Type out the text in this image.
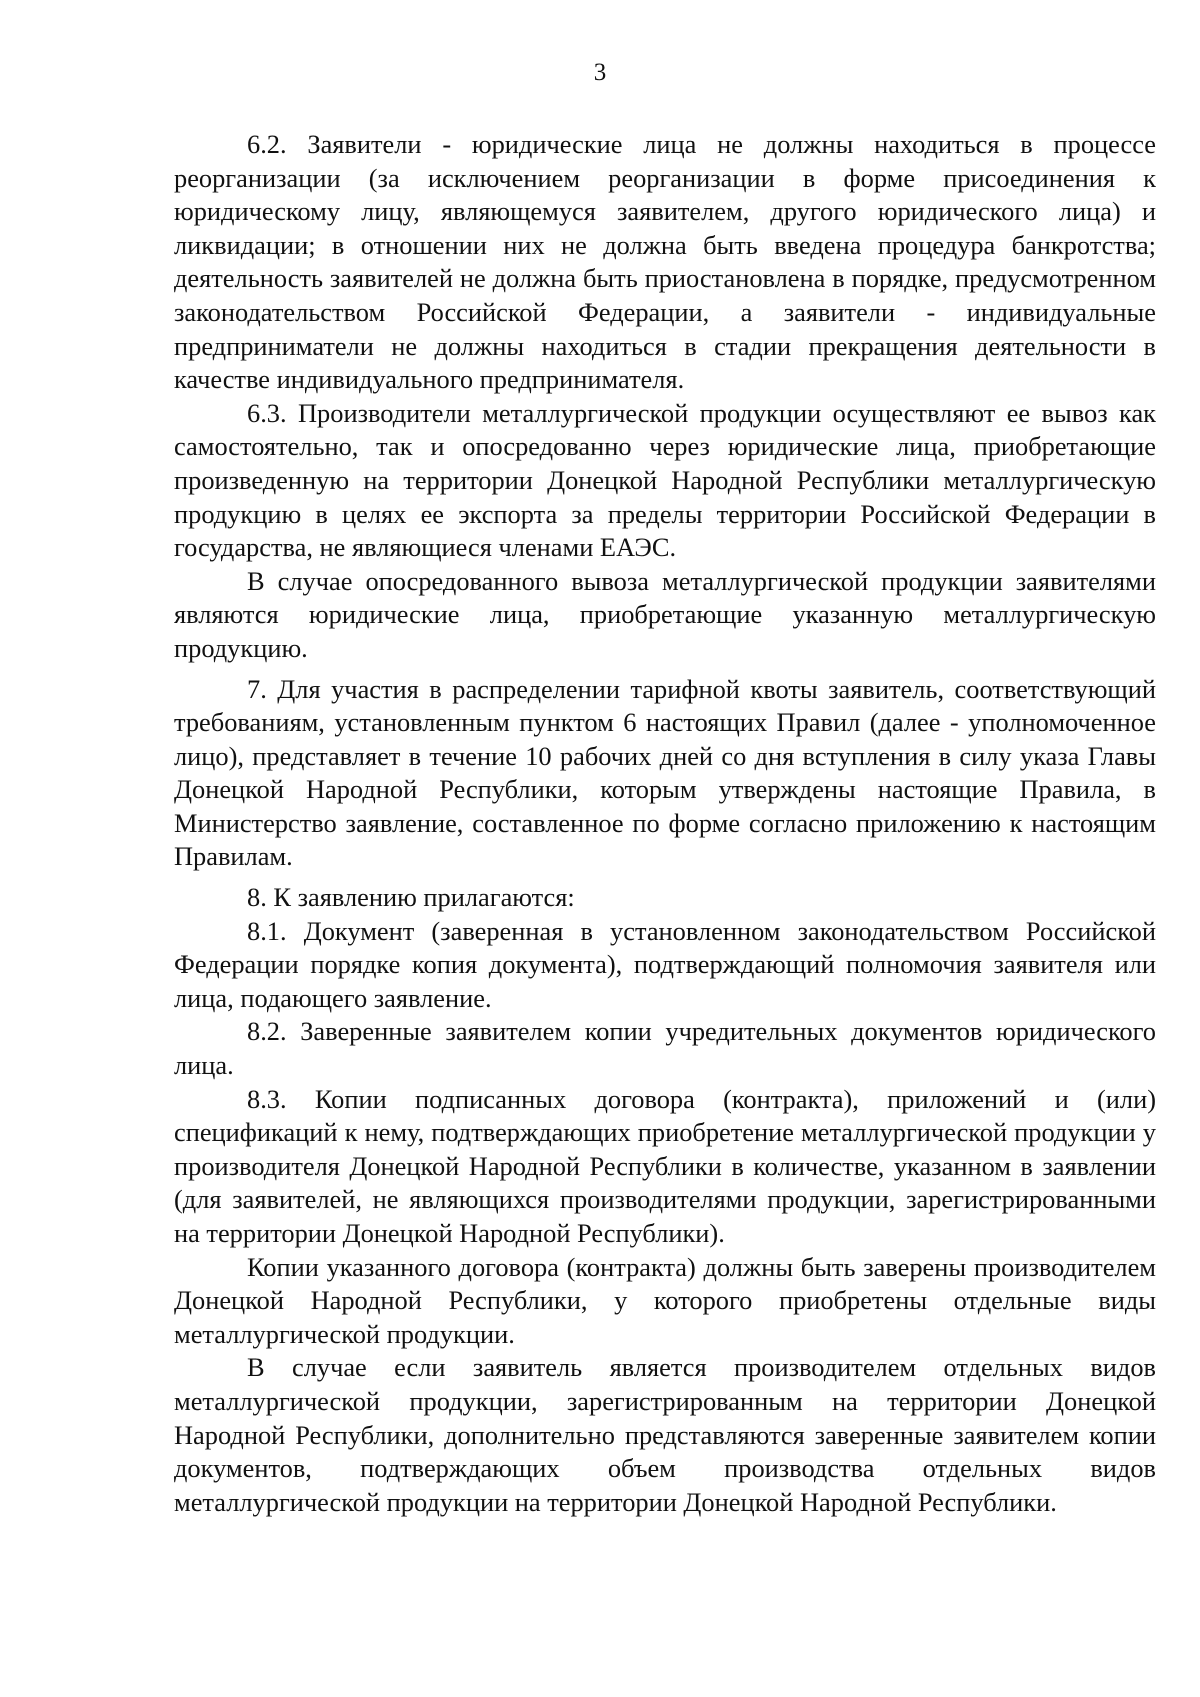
3

6.2. Заявители - юридические лица не должны находиться в процессе реорганизации (за исключением реорганизации в форме присоединения к юридическому лицу, являющемуся заявителем, другого юридического лица) и ликвидации; в отношении них не должна быть введена процедура банкротства; деятельность заявителей не должна быть приостановлена в порядке, предусмотренном законодательством Российской Федерации, а заявители - индивидуальные предприниматели не должны находиться в стадии прекращения деятельности в качестве индивидуального предпринимателя.

6.3. Производители металлургической продукции осуществляют ее вывоз как самостоятельно, так и опосредованно через юридические лица, приобретающие произведенную на территории Донецкой Народной Республики металлургическую продукцию в целях ее экспорта за пределы территории Российской Федерации в государства, не являющиеся членами ЕАЭС.

В случае опосредованного вывоза металлургической продукции заявителями являются юридические лица, приобретающие указанную металлургическую продукцию.

7. Для участия в распределении тарифной квоты заявитель, соответствующий требованиям, установленным пунктом 6 настоящих Правил (далее - уполномоченное лицо), представляет в течение 10 рабочих дней со дня вступления в силу указа Главы Донецкой Народной Республики, которым утверждены настоящие Правила, в Министерство заявление, составленное по форме согласно приложению к настоящим Правилам.

8. К заявлению прилагаются:

8.1. Документ (заверенная в установленном законодательством Российской Федерации порядке копия документа), подтверждающий полномочия заявителя или лица, подающего заявление.

8.2. Заверенные заявителем копии учредительных документов юридического лица.

8.3. Копии подписанных договора (контракта), приложений и (или) спецификаций к нему, подтверждающих приобретение металлургической продукции у производителя Донецкой Народной Республики в количестве, указанном в заявлении (для заявителей, не являющихся производителями продукции, зарегистрированными на территории Донецкой Народной Республики).

Копии указанного договора (контракта) должны быть заверены производителем Донецкой Народной Республики, у которого приобретены отдельные виды металлургической продукции.

В случае если заявитель является производителем отдельных видов металлургической продукции, зарегистрированным на территории Донецкой Народной Республики, дополнительно представляются заверенные заявителем копии документов, подтверждающих объем производства отдельных видов металлургической продукции на территории Донецкой Народной Республики.
